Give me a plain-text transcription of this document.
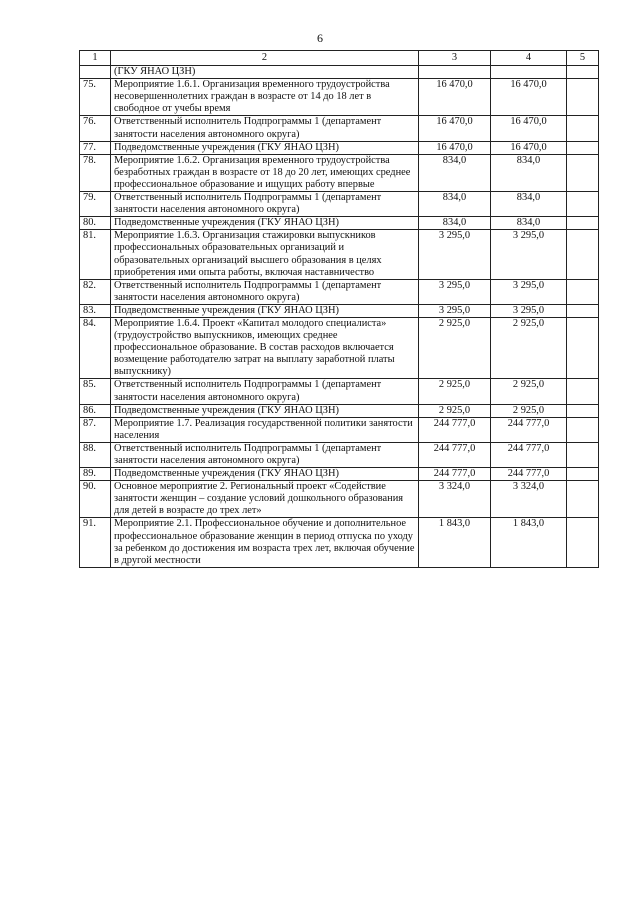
6
1	2	3	4	5
	(ГКУ ЯНАО ЦЗН)			
75.	Мероприятие 1.6.1. Организация временного трудоустройства несовершеннолетних граждан в возрасте от 14 до 18 лет в свободное от учебы время	16 470,0	16 470,0	
76.	Ответственный исполнитель Подпрограммы 1 (департамент занятости населения автономного округа)	16 470,0	16 470,0	
77.	Подведомственные учреждения (ГКУ ЯНАО ЦЗН)	16 470,0	16 470,0	
78.	Мероприятие 1.6.2. Организация временного трудоустройства безработных граждан в возрасте от 18 до 20 лет, имеющих среднее профессиональное образование и ищущих работу впервые	834,0	834,0	
79.	Ответственный исполнитель Подпрограммы 1 (департамент занятости населения автономного округа)	834,0	834,0	
80.	Подведомственные учреждения (ГКУ ЯНАО ЦЗН)	834,0	834,0	
81.	Мероприятие 1.6.3. Организация стажировки выпускников профессиональных образовательных организаций и образовательных организаций высшего образования в целях приобретения ими опыта работы, включая наставничество	3 295,0	3 295,0	
82.	Ответственный исполнитель Подпрограммы 1 (департамент занятости населения автономного округа)	3 295,0	3 295,0	
83.	Подведомственные учреждения (ГКУ ЯНАО ЦЗН)	3 295,0	3 295,0	
84.	Мероприятие 1.6.4. Проект «Капитал молодого специалиста» (трудоустройство выпускников, имеющих среднее профессиональное образование. В состав расходов включается возмещение работодателю затрат на выплату заработной платы выпускнику)	2 925,0	2 925,0	
85.	Ответственный исполнитель Подпрограммы 1 (департамент занятости населения автономного округа)	2 925,0	2 925,0	
86.	Подведомственные учреждения (ГКУ ЯНАО ЦЗН)	2 925,0	2 925,0	
87.	Мероприятие 1.7. Реализация государственной политики занятости населения	244 777,0	244 777,0	
88.	Ответственный исполнитель Подпрограммы 1 (департамент занятости населения автономного округа)	244 777,0	244 777,0	
89.	Подведомственные учреждения (ГКУ ЯНАО ЦЗН)	244 777,0	244 777,0	
90.	Основное мероприятие 2. Региональный проект «Содействие занятости женщин – создание условий дошкольного образования для детей в возрасте до трех лет»	3 324,0	3 324,0	
91.	Мероприятие 2.1. Профессиональное обучение и дополнительное профессиональное образование женщин в период отпуска по уходу за ребенком до достижения им возраста трех лет, включая обучение в другой местности	1 843,0	1 843,0	
